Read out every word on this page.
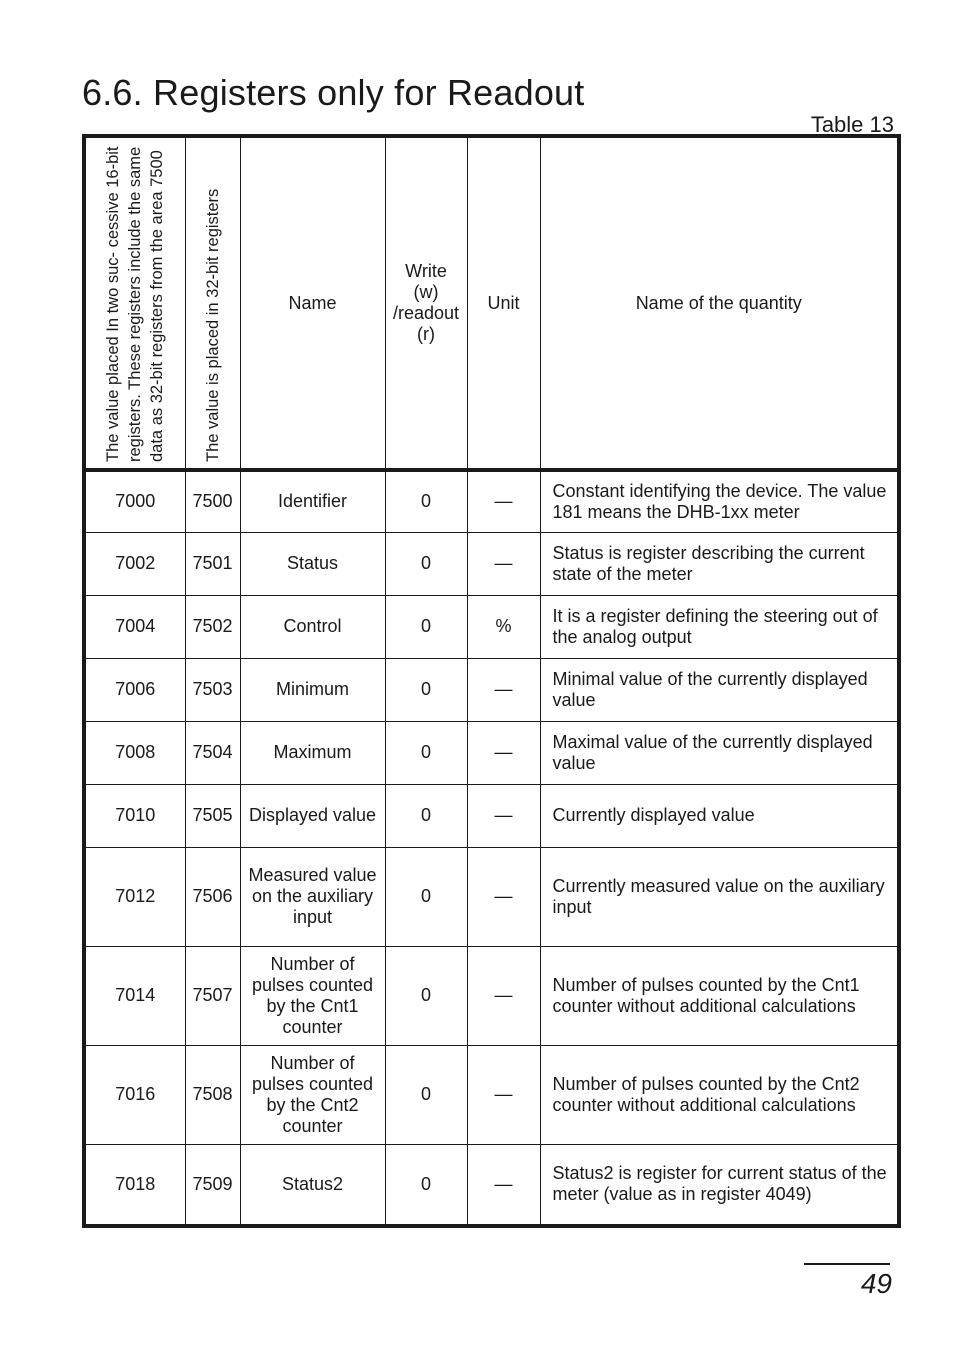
6.6. Registers only for Readout
Table 13
The value placed In two suc- cessive 16-bit registers. These registers include the same data as 32-bit registers from the area 7500	The value is placed in 32-bit registers	Name	Write
(w)
/readout
(r)	Unit	Name of the quantity
7000	7500	Identifier	0	—	Constant identifying the device. The value 181 means the DHB-1xx meter
7002	7501	Status	0	—	Status is register describing the current state of the meter
7004	7502	Control	0	%	It is a register defining the steering out of the analog output
7006	7503	Minimum	0	—	Minimal value of the currently displayed value
7008	7504	Maximum	0	—	Maximal value of the currently displayed value
7010	7505	Displayed value	0	—	Currently displayed value
7012	7506	Measured value on the auxiliary input	0	—	Currently measured value on the auxiliary input
7014	7507	Number of pulses counted by the Cnt1 counter	0	—	Number of pulses counted by the Cnt1 counter without additional calculations
7016	7508	Number of pulses counted by the Cnt2 counter	0	—	Number of pulses counted by the Cnt2 counter without additional calculations
7018	7509	Status2	0	—	Status2 is register for current status of the meter (value as in register 4049)
49
